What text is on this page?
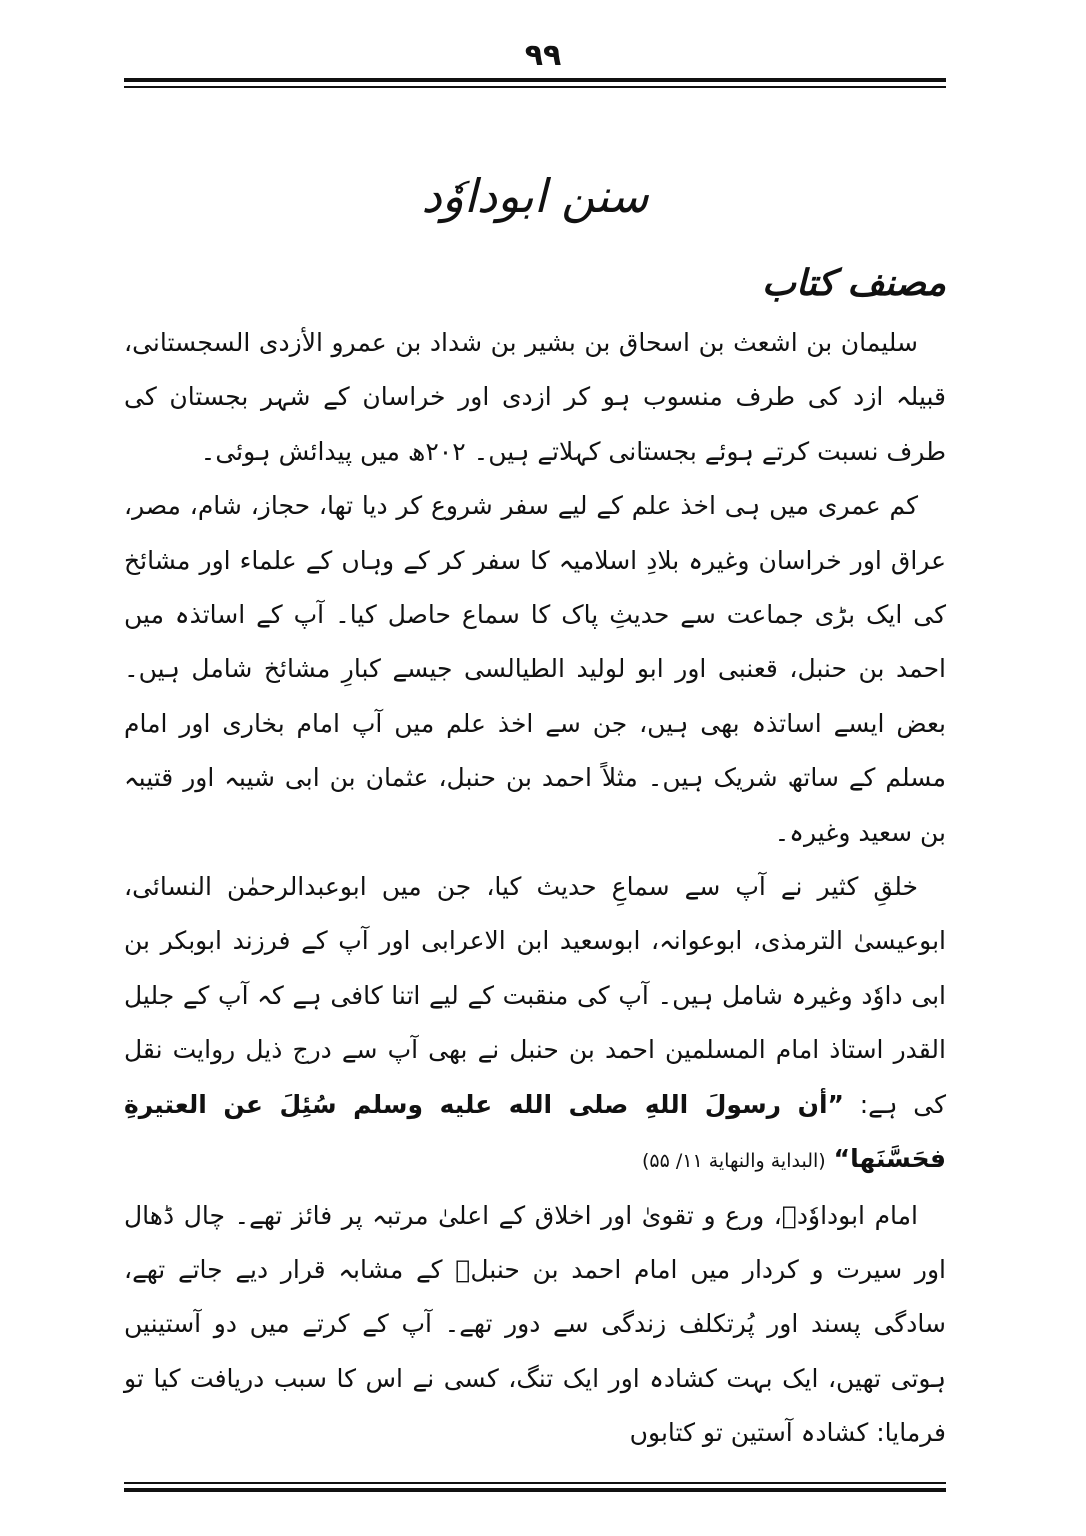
۹۹
سنن ابوداوٗد
مصنف کتاب

سلیمان بن اشعث بن اسحاق بن بشیر بن شداد بن عمرو الأزدی السجستانی، قبیلہ ازد کی طرف منسوب ہو کر ازدی اور خراسان کے شہر بجستان کی طرف نسبت کرتے ہوئے بجستانی کہلاتے ہیں۔ ۲۰۲ھ میں پیدائش ہوئی۔

کم عمری میں ہی اخذ علم کے لیے سفر شروع کر دیا تھا، حجاز، شام، مصر، عراق اور خراسان وغیرہ بلادِ اسلامیہ کا سفر کر کے وہاں کے علماء اور مشائخ کی ایک بڑی جماعت سے حدیثِ پاک کا سماع حاصل کیا۔ آپ کے اساتذہ میں احمد بن حنبل، قعنبی اور ابو لولید الطیالسی جیسے کبارِ مشائخ شامل ہیں۔ بعض ایسے اساتذہ بھی ہیں، جن سے اخذ علم میں آپ امام بخاری اور امام مسلم کے ساتھ شریک ہیں۔ مثلاً احمد بن حنبل، عثمان بن ابی شیبہ اور قتیبہ بن سعید وغیرہ۔

خلقِ کثیر نے آپ سے سماعِ حدیث کیا، جن میں ابوعبدالرحمٰن النسائی، ابوعیسیٰ الترمذی، ابوعوانہ، ابوسعید ابن الاعرابی اور آپ کے فرزند ابوبکر بن ابی داوٗد وغیرہ شامل ہیں۔ آپ کی منقبت کے لیے اتنا کافی ہے کہ آپ کے جلیل القدر استاذ امام المسلمین احمد بن حنبل نے بھی آپ سے درج ذیل روایت نقل کی ہے: ”أن رسولَ اللهِ صلى الله عليه وسلم سُئِلَ عن العتيرةِ فحَسَّنَها“ (البداية والنهاية ۱۱/ ۵۵)

امام ابوداوٗدؒ، ورع و تقویٰ اور اخلاق کے اعلیٰ مرتبہ پر فائز تھے۔ چال ڈھال اور سیرت و کردار میں امام احمد بن حنبلؒ کے مشابہ قرار دیے جاتے تھے، سادگی پسند اور پُرتکلف زندگی سے دور تھے۔ آپ کے کرتے میں دو آستینیں ہوتی تھیں، ایک بہت کشادہ اور ایک تنگ، کسی نے اس کا سبب دریافت کیا تو فرمایا: کشادہ آستین تو کتابوں
